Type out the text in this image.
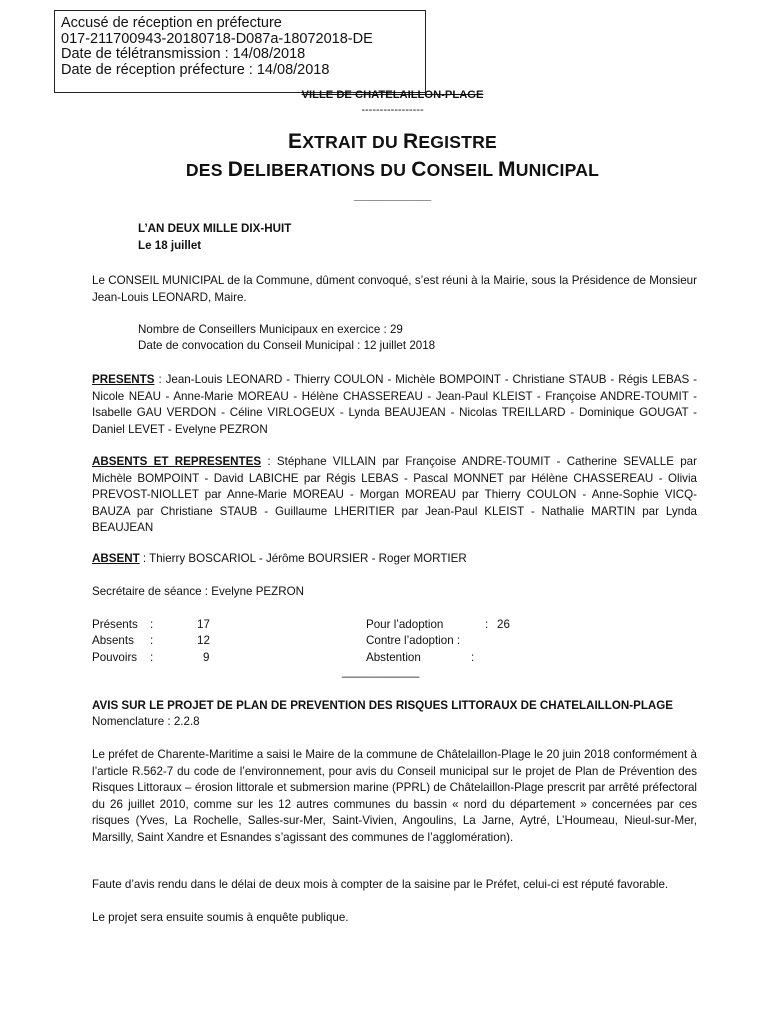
Accusé de réception en préfecture
017-211700943-20180718-D087a-18072018-DE
Date de télétransmission : 14/08/2018
Date de réception préfecture : 14/08/2018
VILLE DE CHATELAILLON-PLAGE
-----------------
EXTRAIT DU REGISTRE
DES DELIBERATIONS DU CONSEIL MUNICIPAL
____________
L’AN DEUX MILLE DIX-HUIT
Le 18 juillet
Le CONSEIL MUNICIPAL de la Commune, dûment convoqué, s’est réuni à la Mairie, sous la Présidence de Monsieur Jean-Louis LEONARD, Maire.
Nombre de Conseillers Municipaux en exercice : 29
Date de convocation du Conseil Municipal : 12 juillet 2018
PRESENTS : Jean-Louis LEONARD - Thierry COULON - Michèle BOMPOINT - Christiane STAUB - Régis LEBAS - Nicole NEAU - Anne-Marie MOREAU - Hélène CHASSEREAU - Jean-Paul KLEIST - Françoise ANDRE-TOUMIT - Isabelle GAU VERDON - Céline VIRLOGEUX - Lynda BEAUJEAN - Nicolas TREILLARD - Dominique GOUGAT - Daniel LEVET - Evelyne PEZRON
ABSENTS ET REPRESENTES : Stéphane VILLAIN par Françoise ANDRE-TOUMIT - Catherine SEVALLE par Michèle BOMPOINT - David LABICHE par Régis LEBAS - Pascal MONNET par Hélène CHASSEREAU - Olivia PREVOST-NIOLLET par Anne-Marie MOREAU - Morgan MOREAU par Thierry COULON - Anne-Sophie VICQ-BAUZA par Christiane STAUB - Guillaume LHERITIER par Jean-Paul KLEIST - Nathalie MARTIN par Lynda BEAUJEAN
ABSENT : Thierry BOSCARIOL - Jérôme BOURSIER - Roger MORTIER
Secrétaire de séance : Evelyne PEZRON
Présents :	17
Absents :	12
Pouvoirs :	9
Pour l’adoption	: 26
Contre l’adoption :
Abstention	:
____________
AVIS SUR LE PROJET DE PLAN DE PREVENTION DES RISQUES LITTORAUX DE CHATELAILLON-PLAGE
Nomenclature : 2.2.8
Le préfet de Charente-Maritime a saisi le Maire de la commune de Châtelaillon-Plage le 20 juin 2018 conformément à l’article R.562-7 du code de l’environnement, pour avis du Conseil municipal sur le projet de Plan de Prévention des Risques Littoraux – érosion littorale et submersion marine (PPRL) de Châtelaillon-Plage prescrit par arrêté préfectoral du 26 juillet 2010, comme sur les 12 autres communes du bassin « nord du département » concernées par ces risques (Yves, La Rochelle, Salles-sur-Mer, Saint-Vivien, Angoulins, La Jarne, Aytré, L’Houmeau, Nieul-sur-Mer, Marsilly, Saint Xandre et Esnandes s’agissant des communes de l’agglomération).
Faute d’avis rendu dans le délai de deux mois à compter de la saisine par le Préfet, celui-ci est réputé favorable.
Le projet sera ensuite soumis à enquête publique.
